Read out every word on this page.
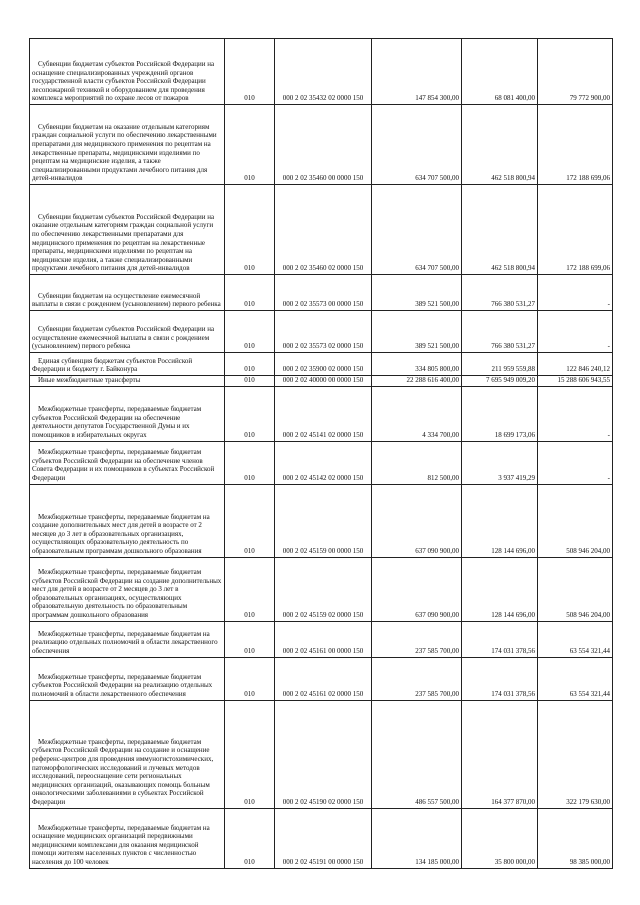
Субвенции бюджетам субъектов Российской Федерации на оснащение специализированных учреждений органов государственной власти субъектов Российской Федерации лесопожарной техникой и оборудованием для проведения комплекса мероприятий по охране лесов от пожаров	010	000 2 02 35432 02 0000 150	147 854 300,00	68 081 400,00	79 772 900,00

Субвенции бюджетам на оказание отдельным категориям граждан социальной услуги по обеспечению лекарственными препаратами для медицинского применения по рецептам на лекарственные препараты, медицинскими изделиями по рецептам на медицинские изделия, а также специализированными продуктами лечебного питания для детей-инвалидов	010	000 2 02 35460 00 0000 150	634 707 500,00	462 518 800,94	172 188 699,06

Субвенции бюджетам субъектов Российской Федерации на оказание отдельным категориям граждан социальной услуги по обеспечению лекарственными препаратами для медицинского применения по рецептам на лекарственные препараты, медицинскими изделиями по рецептам на медицинские изделия, а также специализированными продуктами лечебного питания для детей-инвалидов	010	000 2 02 35460 02 0000 150	634 707 500,00	462 518 800,94	172 188 699,06

Субвенции бюджетам на осуществление ежемесячной выплаты в связи с рождением (усыновлением) первого ребенка	010	000 2 02 35573 00 0000 150	389 521 500,00	766 380 531,27	-

Субвенции бюджетам субъектов Российской Федерации на осуществление ежемесячной выплаты в связи с рождением (усыновлением) первого ребенка	010	000 2 02 35573 02 0000 150	389 521 500,00	766 380 531,27	-

Единая субвенция бюджетам субъектов Российской Федерации и бюджету г. Байконура	010	000 2 02 35900 02 0000 150	334 805 800,00	211 959 559,88	122 846 240,12

Иные межбюджетные трансферты	010	000 2 02 40000 00 0000 150	22 288 616 400,00	7 695 949 009,20	15 288 606 943,55

Межбюджетные трансферты, передаваемые бюджетам субъектов Российской Федерации на обеспечение деятельности депутатов Государственной Думы и их помощников в избирательных округах	010	000 2 02 45141 02 0000 150	4 334 700,00	18 699 173,06	-

Межбюджетные трансферты, передаваемые бюджетам субъектов Российской Федерации на обеспечение членов Совета Федерации и их помощников в субъектах Российской Федерации	010	000 2 02 45142 02 0000 150	812 500,00	3 937 419,29	-

Межбюджетные трансферты, передаваемые бюджетам на создание дополнительных мест для детей в возрасте от 2 месяцев до 3 лет в образовательных организациях, осуществляющих образовательную деятельность по образовательным программам дошкольного образования	010	000 2 02 45159 00 0000 150	637 090 900,00	128 144 696,00	508 946 204,00

Межбюджетные трансферты, передаваемые бюджетам субъектов Российской Федерации на создание дополнительных мест для детей в возрасте от 2 месяцев до 3 лет в образовательных организациях, осуществляющих образовательную деятельность по образовательным программам дошкольного образования	010	000 2 02 45159 02 0000 150	637 090 900,00	128 144 696,00	508 946 204,00

Межбюджетные трансферты, передаваемые бюджетам на реализацию отдельных полномочий в области лекарственного обеспечения	010	000 2 02 45161 00 0000 150	237 585 700,00	174 031 378,56	63 554 321,44

Межбюджетные трансферты, передаваемые бюджетам субъектов Российской Федерации на реализацию отдельных полномочий в области лекарственного обеспечения	010	000 2 02 45161 02 0000 150	237 585 700,00	174 031 378,56	63 554 321,44

Межбюджетные трансферты, передаваемые бюджетам субъектов Российской Федерации на создание и оснащение референс-центров для проведения иммуногистохимических, патоморфологических исследований и лучевых методов исследований, переоснащение сети региональных медицинских организаций, оказывающих помощь больным онкологическими заболеваниями в субъектах Российской Федерации	010	000 2 02 45190 02 0000 150	486 557 500,00	164 377 870,00	322 179 630,00

Межбюджетные трансферты, передаваемые бюджетам на оснащение медицинских организаций передвижными медицинскими комплексами для оказания медицинской помощи жителям населенных пунктов с численностью населения до 100 человек	010	000 2 02 45191 00 0000 150	134 185 000,00	35 800 000,00	98 385 000,00
